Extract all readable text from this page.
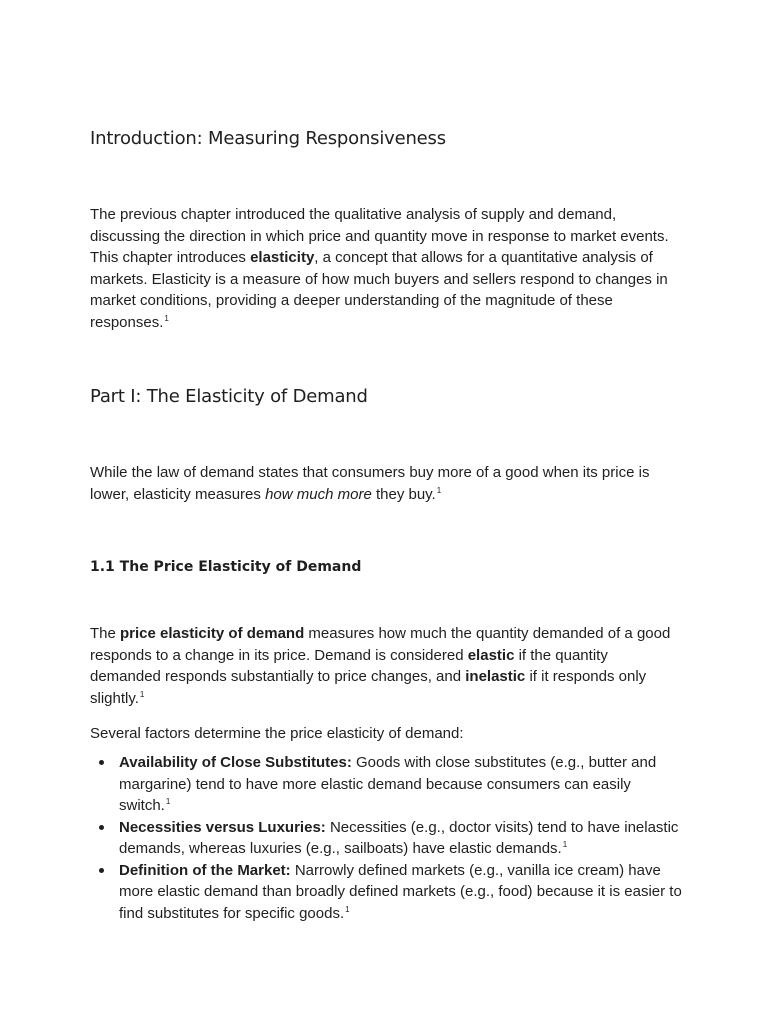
Introduction: Measuring Responsiveness

The previous chapter introduced the qualitative analysis of supply and demand, discussing the direction in which price and quantity move in response to market events. This chapter introduces elasticity, a concept that allows for a quantitative analysis of markets. Elasticity is a measure of how much buyers and sellers respond to changes in market conditions, providing a deeper understanding of the magnitude of these responses.$^1$

Part I: The Elasticity of Demand

While the law of demand states that consumers buy more of a good when its price is lower, elasticity measures how much more they buy.$^1$

1.1 The Price Elasticity of Demand

The price elasticity of demand measures how much the quantity demanded of a good responds to a change in its price. Demand is considered elastic if the quantity demanded responds substantially to price changes, and inelastic if it responds only slightly.$^1$

Several factors determine the price elasticity of demand:

Availability of Close Substitutes: Goods with close substitutes (e.g., butter and margarine) tend to have more elastic demand because consumers can easily switch.$^1$
Necessities versus Luxuries: Necessities (e.g., doctor visits) tend to have inelastic demands, whereas luxuries (e.g., sailboats) have elastic demands.$^1$
Definition of the Market: Narrowly defined markets (e.g., vanilla ice cream) have more elastic demand than broadly defined markets (e.g., food) because it is easier to find substitutes for specific goods.$^1$
